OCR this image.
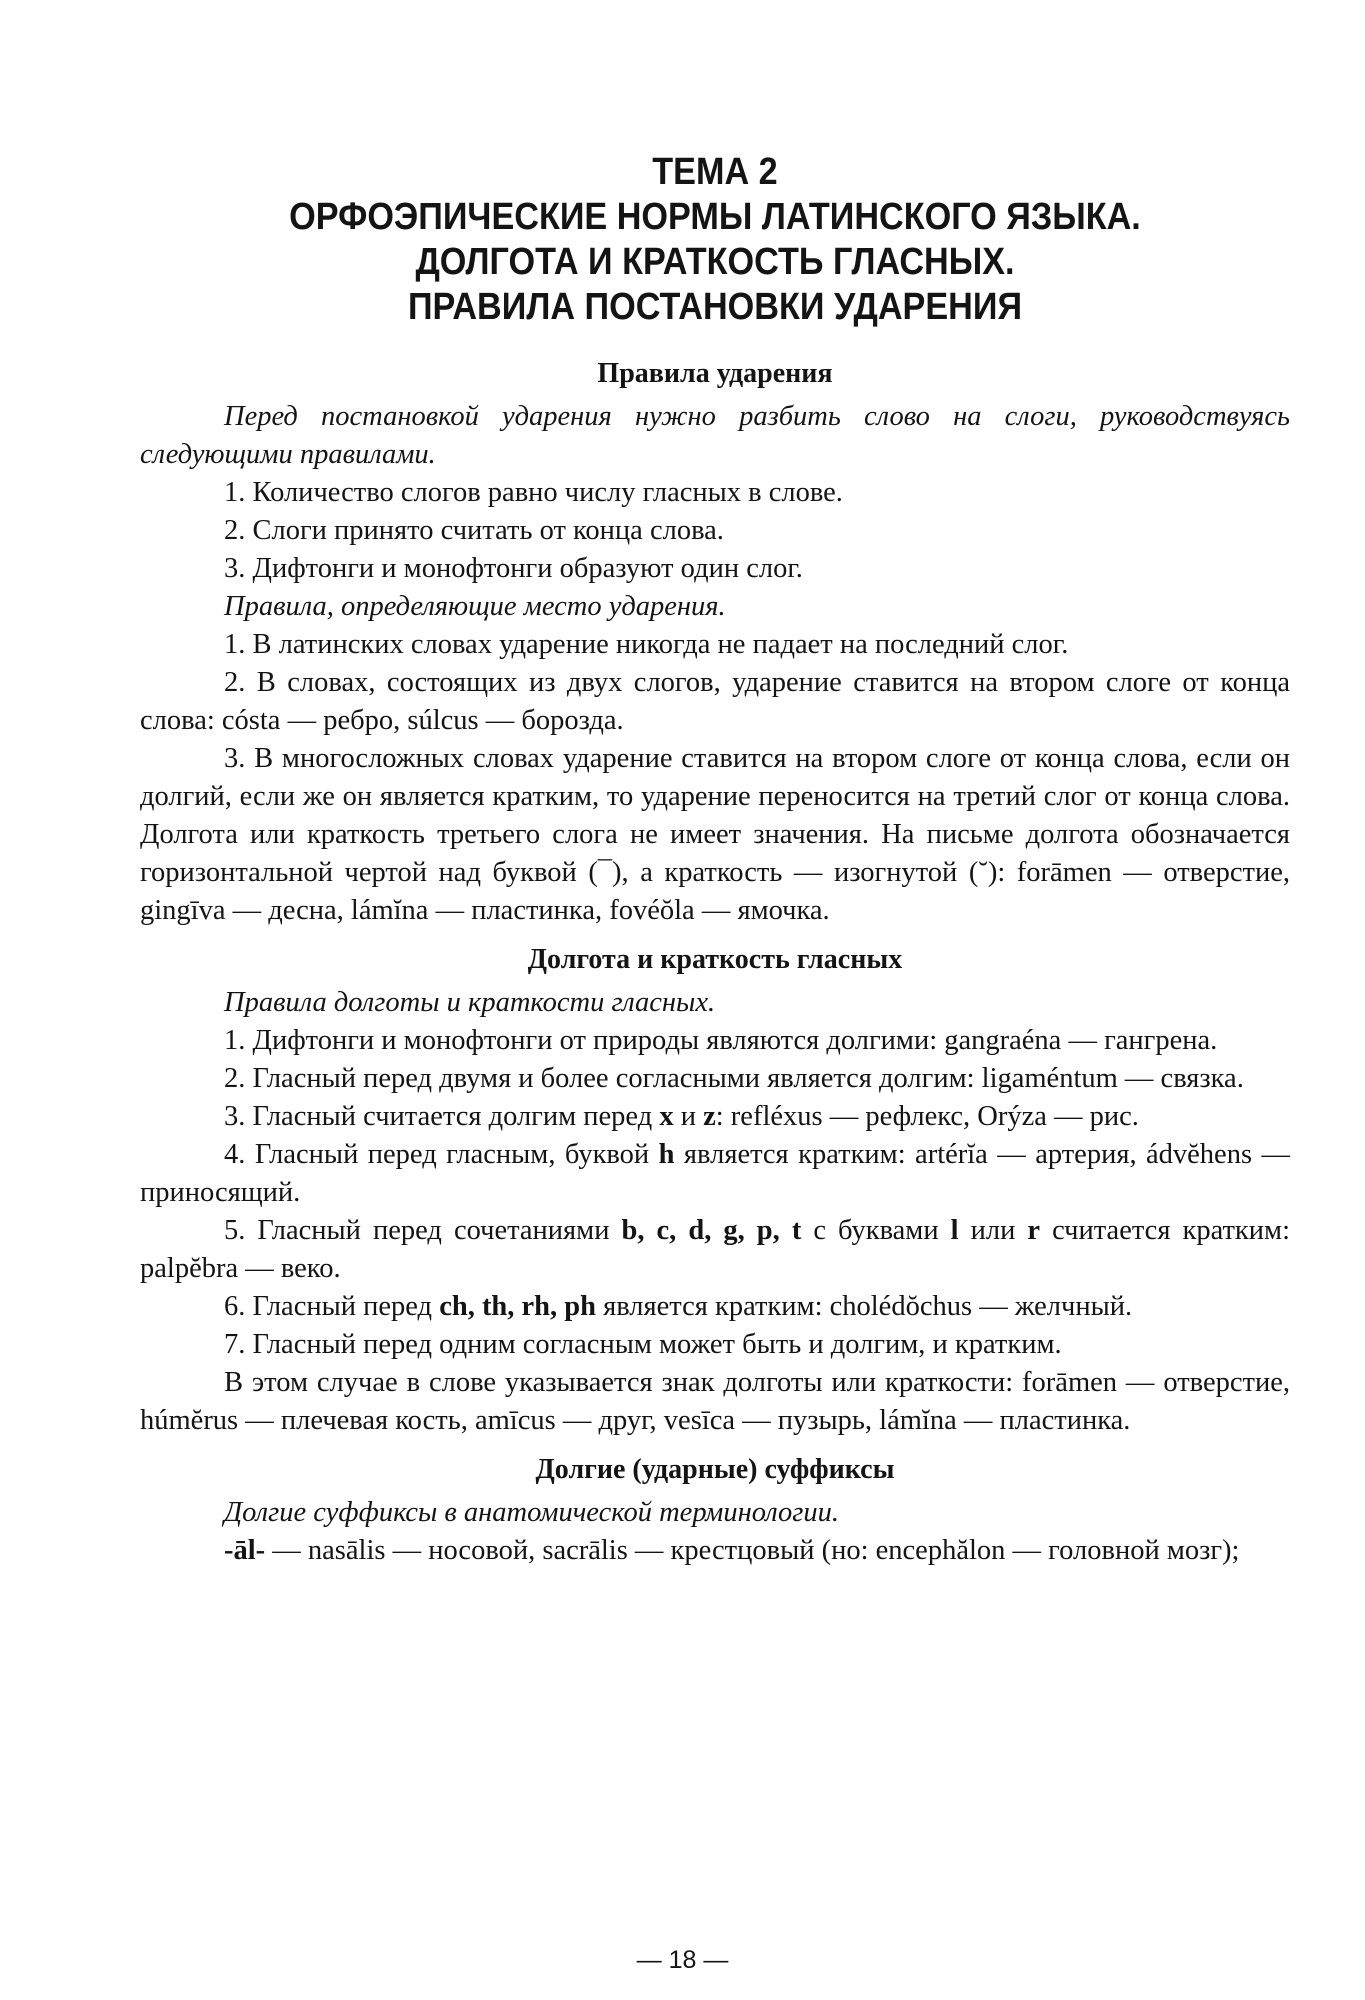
ТЕМА 2
ОРФОЭПИЧЕСКИЕ НОРМЫ ЛАТИНСКОГО ЯЗЫКА.
ДОЛГОТА И КРАТКОСТЬ ГЛАСНЫХ.
ПРАВИЛА ПОСТАНОВКИ УДАРЕНИЯ
Правила ударения

Перед постановкой ударения нужно разбить слово на слоги, руководствуясь следующими правилами.

1. Количество слогов равно числу гласных в слове.

2. Слоги принято считать от конца слова.

3. Дифтонги и монофтонги образуют один слог.

Правила, определяющие место ударения.

1. В латинских словах ударение никогда не падает на последний слог.

2. В словах, состоящих из двух слогов, ударение ставится на втором слоге от конца слова: cósta — ребро, súlcus — борозда.

3. В многосложных словах ударение ставится на втором слоге от конца слова, если он долгий, если же он является кратким, то ударение переносится на третий слог от конца слова. Долгота или краткость третьего слога не имеет значения. На письме долгота обозначается горизонтальной чертой над буквой (¯), а краткость — изогнутой (˘): forāmen — отверстие, gingīva — десна, lámĭna — пластинка, fovéŏla — ямочка.

Долгота и краткость гласных

Правила долготы и краткости гласных.

1. Дифтонги и монофтонги от природы являются долгими: gangraéna — гангрена.

2. Гласный перед двумя и более согласными является долгим: ligaméntum — связка.

3. Гласный считается долгим перед x и z: refléxus — рефлекс, Orýza — рис.

4. Гласный перед гласным, буквой h является кратким: artérĭa — артерия, ádvĕhens — приносящий.

5. Гласный перед сочетаниями b, c, d, g, p, t с буквами l или r считается кратким: palpĕbra — веко.

6. Гласный перед ch, th, rh, ph является кратким: cholédŏchus — желчный.

7. Гласный перед одним согласным может быть и долгим, и кратким.

В этом случае в слове указывается знак долготы или краткости: forāmen — отверстие, húmĕrus — плечевая кость, amīcus — друг, vesīca — пузырь, lámĭna — пластинка.

Долгие (ударные) суффиксы

Долгие суффиксы в анатомической терминологии.

-āl- — nasālis — носовой, sacrālis — крестцовый (но: encephălon — головной мозг);

— 18 —
